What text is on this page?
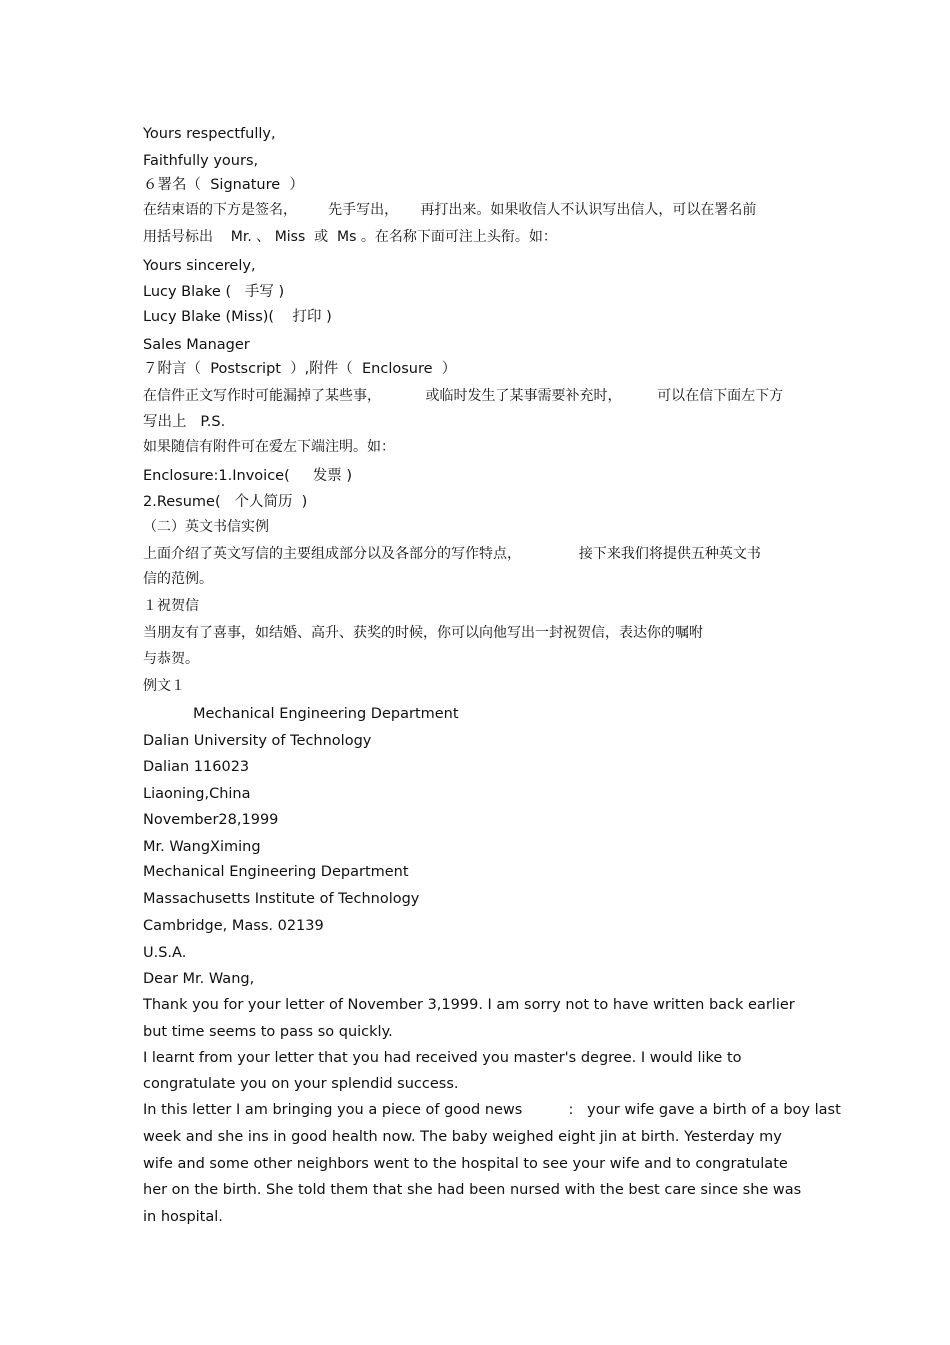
Yours respectfully,
Faithfully yours,
６署名（  Signature  ）
在结束语的下方是签名，       先手写出，     再打出来。如果收信人不认识写出信人，可以在署名前
用括号标出    Mr. 、 Miss  或  Ms 。在名称下面可注上头衔。如：
Yours sincerely,
Lucy Blake (   手写 )
Lucy Blake (Miss)(    打印 )
Sales Manager
７附言（  Postscript  ）,附件（  Enclosure  ）
在信件正文写作时可能漏掉了某些事，          或临时发生了某事需要补充时，        可以在信下面左下方
写出上   P.S.
如果随信有附件可在爱左下端注明。如：
Enclosure:1.Invoice(     发票 )
2.Resume(   个人简历  )
（二）英文书信实例
上面介绍了英文写信的主要组成部分以及各部分的写作特点，             接下来我们将提供五种英文书
信的范例。
１祝贺信
当朋友有了喜事，如结婚、高升、获奖的时候，你可以向他写出一封祝贺信，表达你的嘱咐
与恭贺。
例文１
Mechanical Engineering Department
Dalian University of Technology
Dalian 116023
Liaoning,China
November28,1999
Mr. WangXiming
Mechanical Engineering Department
Massachusetts Institute of Technology
Cambridge, Mass. 02139
U.S.A.
Dear Mr. Wang,
Thank you for your letter of November 3,1999. I am sorry not to have written back earlier
but time seems to pass so quickly.
I learnt from your letter that you had received you master's degree. I would like to
congratulate you on your splendid success.
In this letter I am bringing you a piece of good news          :   your wife gave a birth of a boy last
week and she ins in good health now. The baby weighed eight jin at birth. Yesterday my
wife and some other neighbors went to the hospital to see your wife and to congratulate
her on the birth. She told them that she had been nursed with the best care since she was
in hospital.
